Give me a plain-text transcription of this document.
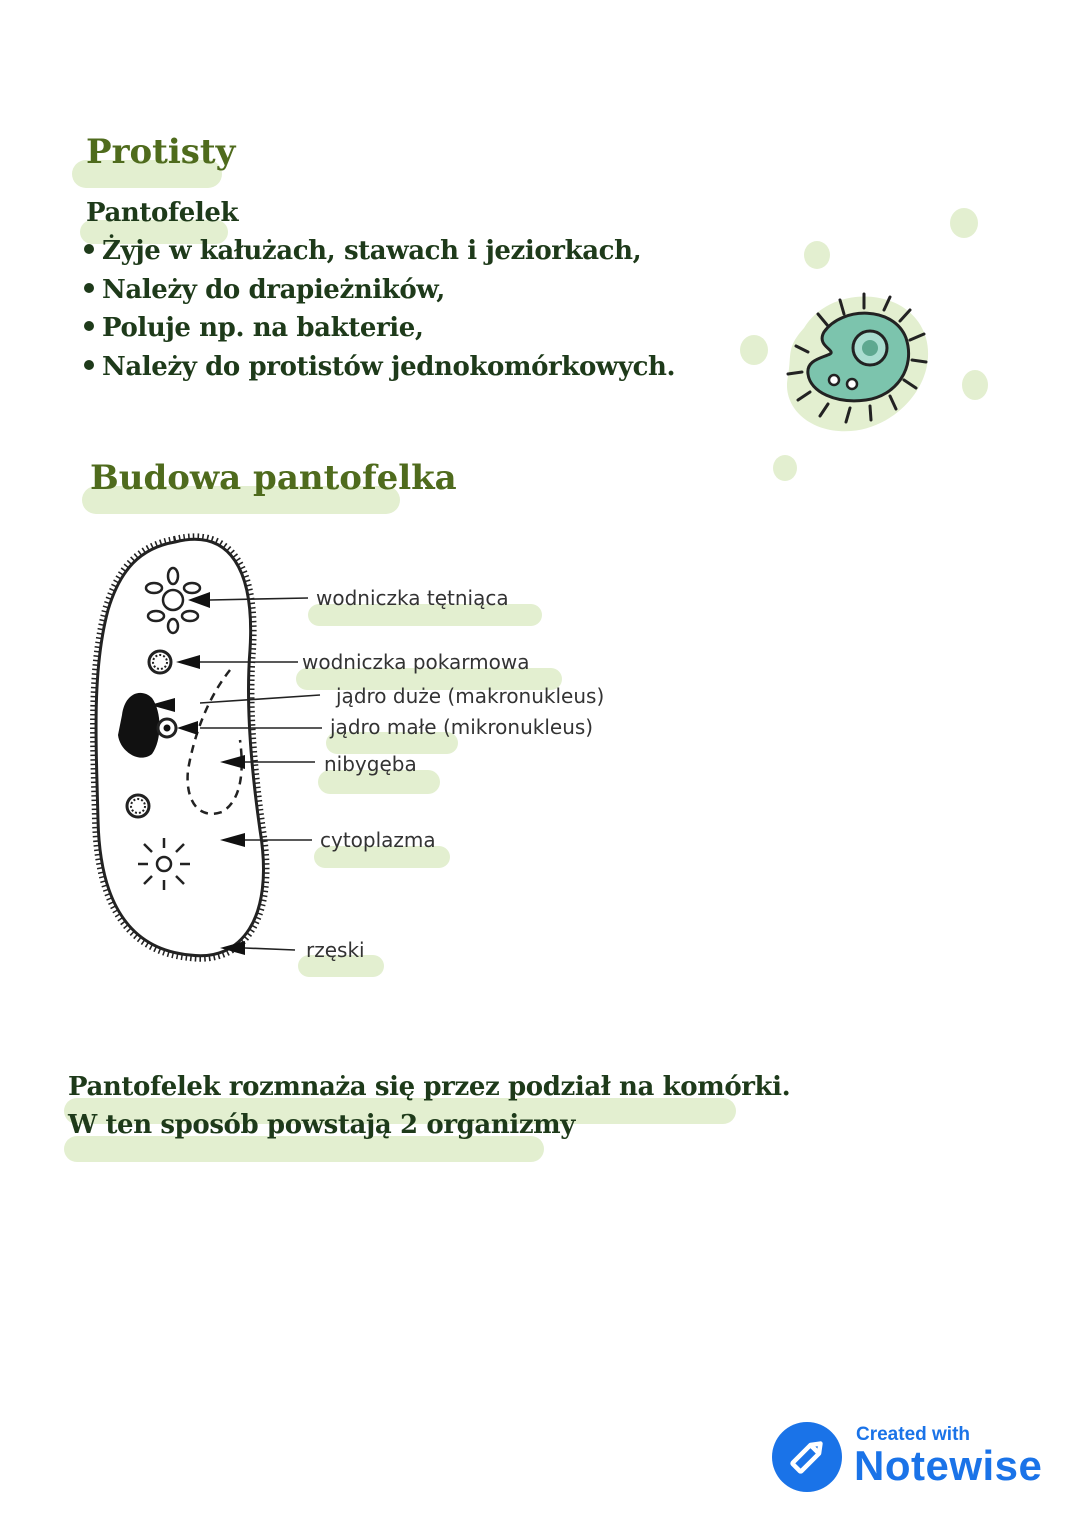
Protisty
Pantofelek
Żyje w kałużach, stawach i jeziorkach,
Należy do drapieżników,
Poluje np. na bakterie,
Należy do protistów jednokomórkowych.
Budowa pantofelka
wodniczka tętniąca
wodniczka pokarmowa
jądro duże (makronukleus)
jądro małe (mikronukleus)
nibygęba
cytoplazma
rzęski
Pantofelek rozmnaża się przez podział na komórki.
W ten sposób powstają 2 organizmy
Created with
Notewise
